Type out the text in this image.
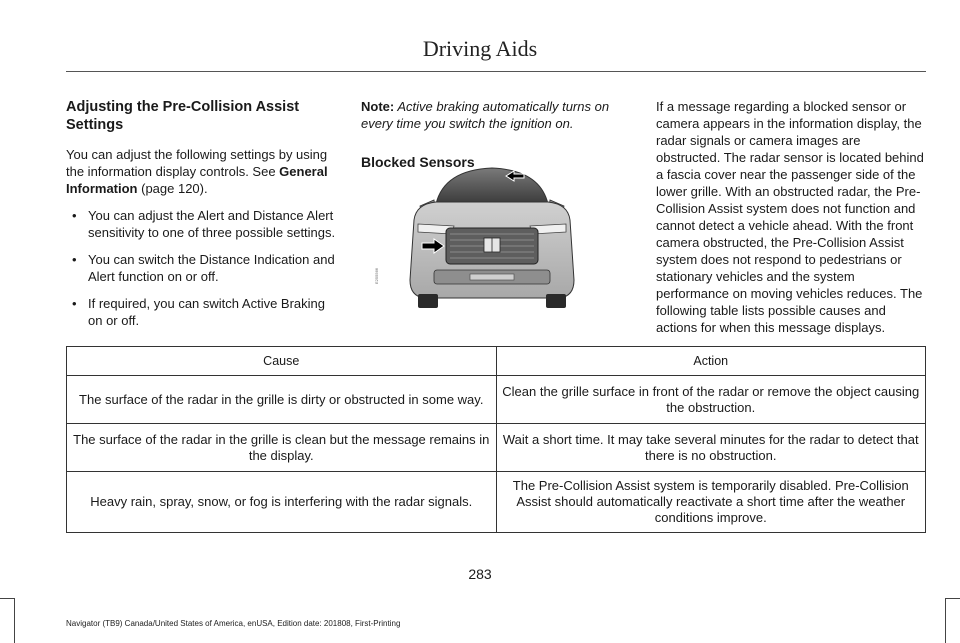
Driving Aids
Adjusting the Pre-Collision Assist Settings

You can adjust the following settings by using the information display controls. See General Information (page 120).

• You can adjust the Alert and Distance Alert sensitivity to one of three possible settings.
• You can switch the Distance Indication and Alert function on or off.
• If required, you can switch Active Braking on or off.

Note: Active braking automatically turns on every time you switch the ignition on.

Blocked Sensors
E255566

If a message regarding a blocked sensor or camera appears in the information display, the radar signals or camera images are obstructed. The radar sensor is located behind a fascia cover near the passenger side of the lower grille. With an obstructed radar, the Pre-Collision Assist system does not function and cannot detect a vehicle ahead. With the front camera obstructed, the Pre-Collision Assist system does not respond to pedestrians or stationary vehicles and the system performance on moving vehicles reduces. The following table lists possible causes and actions for when this message displays.

Cause	Action
The surface of the radar in the grille is dirty or obstructed in some way.	Clean the grille surface in front of the radar or remove the object causing the obstruction.
The surface of the radar in the grille is clean but the message remains in the display.	Wait a short time. It may take several minutes for the radar to detect that there is no obstruction.
Heavy rain, spray, snow, or fog is interfering with the radar signals.	The Pre-Collision Assist system is temporarily disabled. Pre-Collision Assist should automatically reactivate a short time after the weather conditions improve.
283
Navigator (TB9) Canada/United States of America, enUSA, Edition date: 201808, First-Printing
